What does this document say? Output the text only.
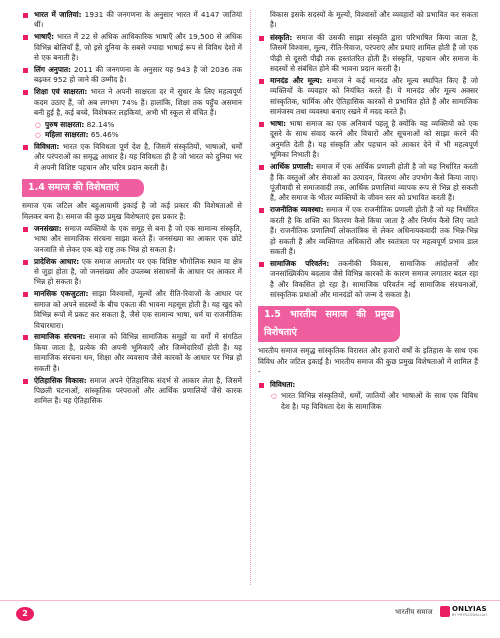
भारत में जातियां: 1931 की जनगणना के अनुसार भारत में 4147 जातियां थीं।
भाषाएँ: भारत में 22 से अधिक आधिकारिक भाषाएँ और 19,500 से अधिक विभिन्न बोलियाँ हैं, जो इसे दुनिया के सबसे ज्यादा भाषाई रूप से विविध देशों में से एक बनाती है।
लिंग अनुपात: 2011 की जनगणना के अनुसार यह 943 है जो 2036 तक बढ़कर 952 हो जाने की उम्मीद है।
शिक्षा एवं साक्षरता: भारत ने अपनी साक्षरता दर में सुधार के लिए महत्वपूर्ण कदम उठाए हैं, जो अब लगभग 74% है। हालांकि, शिक्षा तक पहुँच असमान बनी हुई है, कई बच्चे, विशेषकर लड़कियां, अभी भी स्कूल से वंचित हैं।
○ पुरुष साक्षरता: 82.14%
○ महिला साक्षरता: 65.46%
विविधता: भारत एक विविधता पूर्ण देश है, जिसमें संस्कृतियों, भाषाओं, धर्मों और परंपराओं का समृद्ध आधार है। यह विविधता ही है जो भारत को दुनिया भर में अपनी विशिष्ट पहचान और चरित्र प्रदान करती है।
1.4 समाज की विशेषताएं

समाज एक जटिल और बहुआयामी इकाई है जो कई प्रकार की विशेषताओं से मिलकर बना है। समाज की कुछ प्रमुख विशेषताएं इस प्रकार हैं:

जनसंख्या: समाज व्यक्तियों के एक समूह से बना है जो एक सामान्य संस्कृति, भाषा और सामाजिक संरचना साझा करते हैं। जनसंख्या का आकार एक छोटे जनजाति से लेकर एक बड़े राष्ट्र तक भिन्न हो सकता है।
प्रादेशिक आधार: एक समाज आमतौर पर एक विशिष्ट भौगोलिक स्थान या क्षेत्र से जुड़ा होता है, जो जनसंख्या और उपलब्ध संसाधनों के आधार पर आकार में भिन्न हो सकता है।
मानसिक एकजुटता: साझा विश्वासों, मूल्यों और रीति-रिवाजों के आधार पर समाज को अपने सदस्यों के बीच एकता की भावना महसूस होती है। यह खुद को विभिन्न रूपों में प्रकट कर सकता है, जैसे एक सामान्य भाषा, धर्म या राजनीतिक विचारधारा।
सामाजिक संरचना: समाज को विभिन्न सामाजिक समूहों या वर्गों में संगठित किया जाता है, प्रत्येक की अपनी भूमिकाएँ और जिम्मेदारियाँ होती हैं। यह सामाजिक संरचना धन, शिक्षा और व्यवसाय जैसे कारकों के आधार पर भिन्न हो सकती है।
ऐतिहासिक विकास: समाज अपने ऐतिहासिक संदर्भ से आकार लेता है, जिसमें पिछली घटनाओं, सांस्कृतिक परंपराओं और आर्थिक प्रणालियों जैसे कारक शामिल हैं। यह ऐतिहासिक

विकास इसके सदस्यों के मूल्यों, विश्वासों और व्यवहारों को प्रभावित कर सकता है।

संस्कृति: समाज की उसकी साझा संस्कृति द्वारा परिभाषित किया जाता है, जिसमें विश्वास, मूल्य, रीति-रिवाज, परंपराएं और प्रथाएं शामिल होती हैं जो एक पीढ़ी से दूसरी पीढ़ी तक हस्तांतरित होती हैं। संस्कृति, पहचान और समाज के सदस्यों से संबंधित होने की भावना प्रदान करती है।
मानदंड और मूल्य: समाज ने कई मानदंड और मूल्य स्थापित किए हैं जो व्यक्तियों के व्यवहार को नियंत्रित करते हैं। ये मानदंड और मूल्य अक्सर सांस्कृतिक, धार्मिक और ऐतिहासिक कारकों से प्रभावित होते हैं और सामाजिक सामंजस्य तथा व्यवस्था बनाए रखने में मदद करते हैं।
भाषा: भाषा समाज का एक अनिवार्य पहलू है क्योंकि यह व्यक्तियों को एक दूसरे के साथ संवाद करने और विचारों और सूचनाओं को साझा करने की अनुमति देती है। यह संस्कृति और पहचान को आकार देने में भी महत्वपूर्ण भूमिका निभाती है।
आर्थिक प्रणाली: समाज में एक आर्थिक प्रणाली होती है जो यह निर्धारित करती है कि वस्तुओं और सेवाओं का उत्पादन, वितरण और उपभोग कैसे किया जाए। पूंजीवादी से समाजवादी तक, आर्थिक प्रणालियां व्यापक रूप से भिन्न हो सकती हैं, और समाज के भीतर व्यक्तियों के जीवन स्तर को प्रभावित करती हैं।
राजनीतिक व्यवस्था: समाज में एक राजनीतिक प्रणाली होती है जो यह निर्धारित करती है कि शक्ति का वितरण कैसे किया जाता है और निर्णय कैसे लिए जाते हैं। राजनीतिक प्रणालियाँ लोकतांत्रिक से लेकर अधिनायकवादी तक भिन्न-भिन्न हो सकती हैं और व्यक्तिगत अधिकारों और स्वतंत्रता पर महत्वपूर्ण प्रभाव डाल सकती हैं।
सामाजिक परिवर्तन: तकनीकी विकास, सामाजिक आंदोलनों और जनसांख्यिकीय बदलाव जैसे विभिन्न कारकों के कारण समाज लगातार बदल रहा है और विकसित हो रहा है। सामाजिक परिवर्तन नई सामाजिक संरचनाओं, सांस्कृतिक प्रथाओं और मानदंडों को जन्म दे सकता है।
1.5 भारतीय समाज की प्रमुख विशेषताएं

भारतीय समाज समृद्ध सांस्कृतिक विरासत और हजारों वर्षों के इतिहास के साथ एक विविध और जटिल इकाई है। भारतीय समाज की कुछ प्रमुख विशेषताओं में शामिल हैं -

विविधता:
○ भारत विभिन्न संस्कृतियों, धर्मों, जातियों और भाषाओं के साथ एक विविध देश है। यह विविधता देश के सामाजिक
2	भारतीय समाज	ONLYIAS
BY PHYSICSWALLAH
